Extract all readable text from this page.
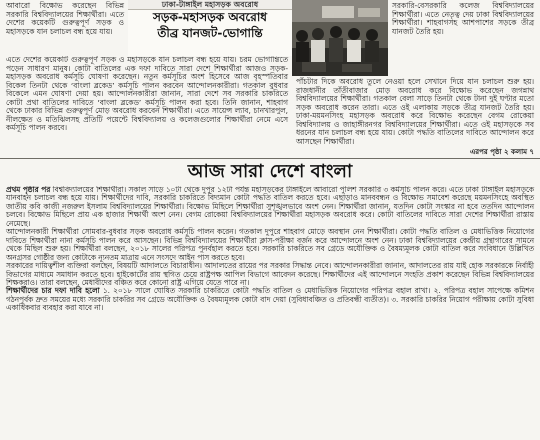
আবারো বিক্ষোভ করেছেন বিভিন্ন সরকারি বিশ্ববিদ্যালয়ের শিক্ষার্থীরা। এতে দেশের কয়েকটি গুরুত্বপূর্ণ সড়ক ও মহাসড়কে যান চলাচল বন্ধ হয়ে যায়।
ঢাকা-টাঙ্গাইল মহাসড়ক অবরোধ
সড়ক-মহাসড়ক অবরোধ
তীব্র যানজট-ভোগান্তি
সরকারি-বেসরকারি কলেজ বিশ্ববিদ্যালয়ের শিক্ষার্থীরা। এতে নেতৃত্ব দেয় ঢাকা বিশ্ববিদ্যালয়ের শিক্ষার্থীরা। শাহবাগসহ আশপাশের সড়কে তীব্র যানজট তৈরি হয়।
এতে দেশের কয়েকটি গুরুত্বপূর্ণ সড়ক ও মহাসড়কে যান চলাচল বন্ধ হয়ে যায়। চরম ভোগান্তিতে পড়েন সাধারণ মানুষ। কোটা বাতিলের এক দফা দাবিতে সারা দেশে শিক্ষার্থীরা আজও সড়ক-মহাসড়ক অবরোধ কর্মসূচি ঘোষণা করেছেন। নতুন কর্মসূচির অংশ হিসেবে আজ বৃহস্পতিবার বিকেল তিনটা থেকে ‘বাংলা ব্লকেড’ কর্মসূচি পালন করবেন আন্দোলনকারীরা। গতকাল বুধবার বিকেলে এমন ঘোষণা দেয়া হয়। আন্দোলনকারীরা জানান, সারা দেশে সব সরকারি চাকরিতে কোটা প্রথা বাতিলের দাবিতে ‘বাংলা ব্লকেড’ কর্মসূচি পালন করা হবে। তিনি জানান, শাহবাগ থেকে ঢাকার বিভিন্ন গুরুত্বপূর্ণ মোড় অবরোধ করবেন শিক্ষার্থীরা। এতে সায়েন্স ল্যাব, চানখারপুল, নীলক্ষেত ও মতিঝিলসহ প্রতিটি পয়েন্টে বিশ্ববিদ্যালয় ও কলেজগুলোর শিক্ষার্থীরা নেমে এসে কর্মসূচি পালন করবে।
পাঁচটার দিকে অবরোধ তুলে নেওয়া হলে সেখানে দিয়ে যান চলাচল শুরু হয়। রাজধানীর তাঁতীবাজার মোড় অবরোধ করে বিক্ষোভ করেছেন জগন্নাথ বিশ্ববিদ্যালয়ের শিক্ষার্থীরা। গতকাল বেলা সাড়ে তিনটা থেকে টানা দুই ঘণ্টার মতো সড়ক অবরোধ করেন তারা। এতে ওই এলাকায় সড়কে তীব্র যানজট তৈরি হয়। ঢাকা-ময়মনসিংহ মহাসড়ক অবরোধ করে বিক্ষোভ করেছেন বেগম রোকেয়া বিশ্ববিদ্যালয় ও জাহাঙ্গীরনগর বিশ্ববিদ্যালয়ের শিক্ষার্থীরা। এতে ওই মহাসড়কে সব ধরনের যান চলাচল বন্ধ হয়ে যায়। কোটা পদ্ধতি বাতিলের দাবিতে আন্দোলন করে আসছেন শিক্ষার্থীরা।
এরপর পৃষ্ঠা ২ কলাম ৭
আজ সারা দেশে বাংলা

প্রথম পৃষ্ঠার পর বিশ্ববিদ্যালয়ের শিক্ষার্থীরা। সকাল সাড়ে ১০টা থেকে দুপুর ১২টা পর্যন্ত মহাসড়কের টাঙ্গাইলে আবারো পুলিশ সরকারি ৩ কর্মসূচি পালন করে। এতে ঢাকা টাঙ্গাইল মহাসড়কে যানবাহন চলাচল বন্ধ হয়ে যায়। শিক্ষার্থীদের দাবি, সরকারি চাকরিতে বিদ্যমান কোটা পদ্ধতি বাতিল করতে হবে। এছাড়াও মানববন্ধন ও বিক্ষোভ সমাবেশ করেছে ময়মনসিংহে অবস্থিত জাতীয় কবি কাজী নজরুল ইসলাম বিশ্ববিদ্যালয়ের শিক্ষার্থীরা। বিক্ষোভ মিছিলে শিক্ষার্থীরা সুশৃঙ্খলভাবে অংশ নেন। শিক্ষার্থীরা জানান, যতদিন কোটা সংস্কার না হবে ততদিন আন্দোলন চলবে। বিক্ষোভ মিছিলে প্রায় এক হাজার শিক্ষার্থী অংশ নেন। বেগম রোকেয়া বিশ্ববিদ্যালয়ের শিক্ষার্থীরা মহাসড়ক অবরোধ করে। কোটা বাতিলের দাবিতে সারা দেশের শিক্ষার্থীরা রাস্তায় নেমেছে।

আন্দোলনকারী শিক্ষার্থীরা সোমবার-বুধবার সড়ক অবরোধ কর্মসূচি পালন করেন। গতকাল দুপুরে শাহবাগ মোড়ে অবস্থান নেন শিক্ষার্থীরা। কোটা পদ্ধতি বাতিল ও মেধাভিত্তিক নিয়োগের দাবিতে শিক্ষার্থীরা নানা কর্মসূচি পালন করে আসছেন। বিভিন্ন বিশ্ববিদ্যালয়ের শিক্ষার্থীরা ক্লাস-পরীক্ষা বর্জন করে আন্দোলনে অংশ নেন। ঢাকা বিশ্ববিদ্যালয়ের কেন্দ্রীয় গ্রন্থাগারের সামনে থেকে মিছিল শুরু হয়। শিক্ষার্থীরা বলছেন, ২০১৮ সালের পরিপত্র পুনর্বহাল করতে হবে। সরকারি চাকরিতে সব গ্রেডে অযৌক্তিক ও বৈষম্যমূলক কোটা বাতিল করে সংবিধানে উল্লিখিত অনগ্রসর গোষ্ঠীর জন্য কোটাকে ন্যূনতম মাত্রায় এনে সংসদে আইন পাস করতে হবে।

সরকারের দায়িত্বশীল ব্যক্তিরা বলছেন, বিষয়টি আদালতে বিচারাধীন। আদালতের রায়ের পর সরকার সিদ্ধান্ত নেবে। আন্দোলনকারীরা জানান, আদালতের রায় যাই হোক সরকারকে নির্বাহী বিভাগের মাধ্যমে সমাধান করতে হবে। হাইকোর্টের রায় স্থগিত চেয়ে রাষ্ট্রপক্ষ আপিল বিভাগে আবেদন করেছে। শিক্ষার্থীদের এই আন্দোলনে সংহতি প্রকাশ করেছেন বিভিন্ন বিশ্ববিদ্যালয়ের শিক্ষকরাও। তারা বলছেন, মেধাবীদের বঞ্চিত করে কোনো রাষ্ট্র এগিয়ে যেতে পারে না।

শিক্ষার্থীদের চার দফা দাবি হলো ১. ২০১৮ সালে ঘোষিত সরকারি চাকরিতে কোটা পদ্ধতি বাতিল ও মেধাভিত্তিক নিয়োগের পরিপত্র বহাল রাখা। ২. পরিপত্র বহাল সাপেক্ষে কমিশন গঠনপূর্বক দ্রুত সময়ের মধ্যে সরকারি চাকরির সব গ্রেডে অযৌক্তিক ও বৈষম্যমূলক কোটা বাদ দেয়া (সুবিধাবঞ্চিত ও প্রতিবন্ধী ব্যতীত)। ৩. সরকারি চাকরির নিয়োগ পরীক্ষায় কোটা সুবিধা একাধিকবার ব্যবহার করা যাবে না।
